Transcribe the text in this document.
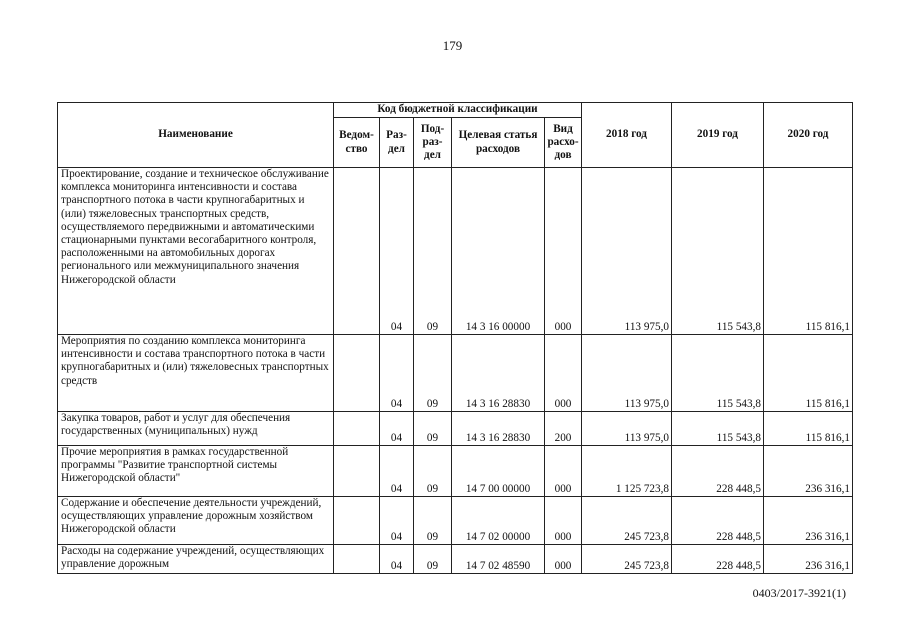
179
Наименование	Код бюджетной классификации					2018 год	2019 год	2020 год
	Ведом-ство	Раз-дел	Под-раз-дел	Целевая статья расходов	Вид расхо-дов			
Проектирование, создание и техническое обслуживание комплекса мониторинга интенсивности и состава транспортного потока в части крупногабаритных и (или) тяжеловесных транспортных средств, осуществляемого передвижными и автоматическими стационарными пунктами весогабаритного контроля, расположенными на автомобильных дорогах регионального или межмуниципального значения Нижегородской области		04	09	14 3 16 00000	000	113 975,0	115 543,8	115 816,1
Мероприятия по созданию комплекса мониторинга интенсивности и состава транспортного потока в части крупногабаритных и (или) тяжеловесных транспортных средств		04	09	14 3 16 28830	000	113 975,0	115 543,8	115 816,1
Закупка товаров, работ и услуг для обеспечения государственных (муниципальных) нужд		04	09	14 3 16 28830	200	113 975,0	115 543,8	115 816,1
Прочие мероприятия в рамках государственной программы "Развитие транспортной системы Нижегородской области"		04	09	14 7 00 00000	000	1 125 723,8	228 448,5	236 316,1
Содержание и обеспечение деятельности учреждений, осуществляющих управление дорожным хозяйством Нижегородской области		04	09	14 7 02 00000	000	245 723,8	228 448,5	236 316,1
Расходы на содержание учреждений, осуществляющих управление дорожным		04	09	14 7 02 48590	000	245 723,8	228 448,5	236 316,1
0403/2017-3921(1)
